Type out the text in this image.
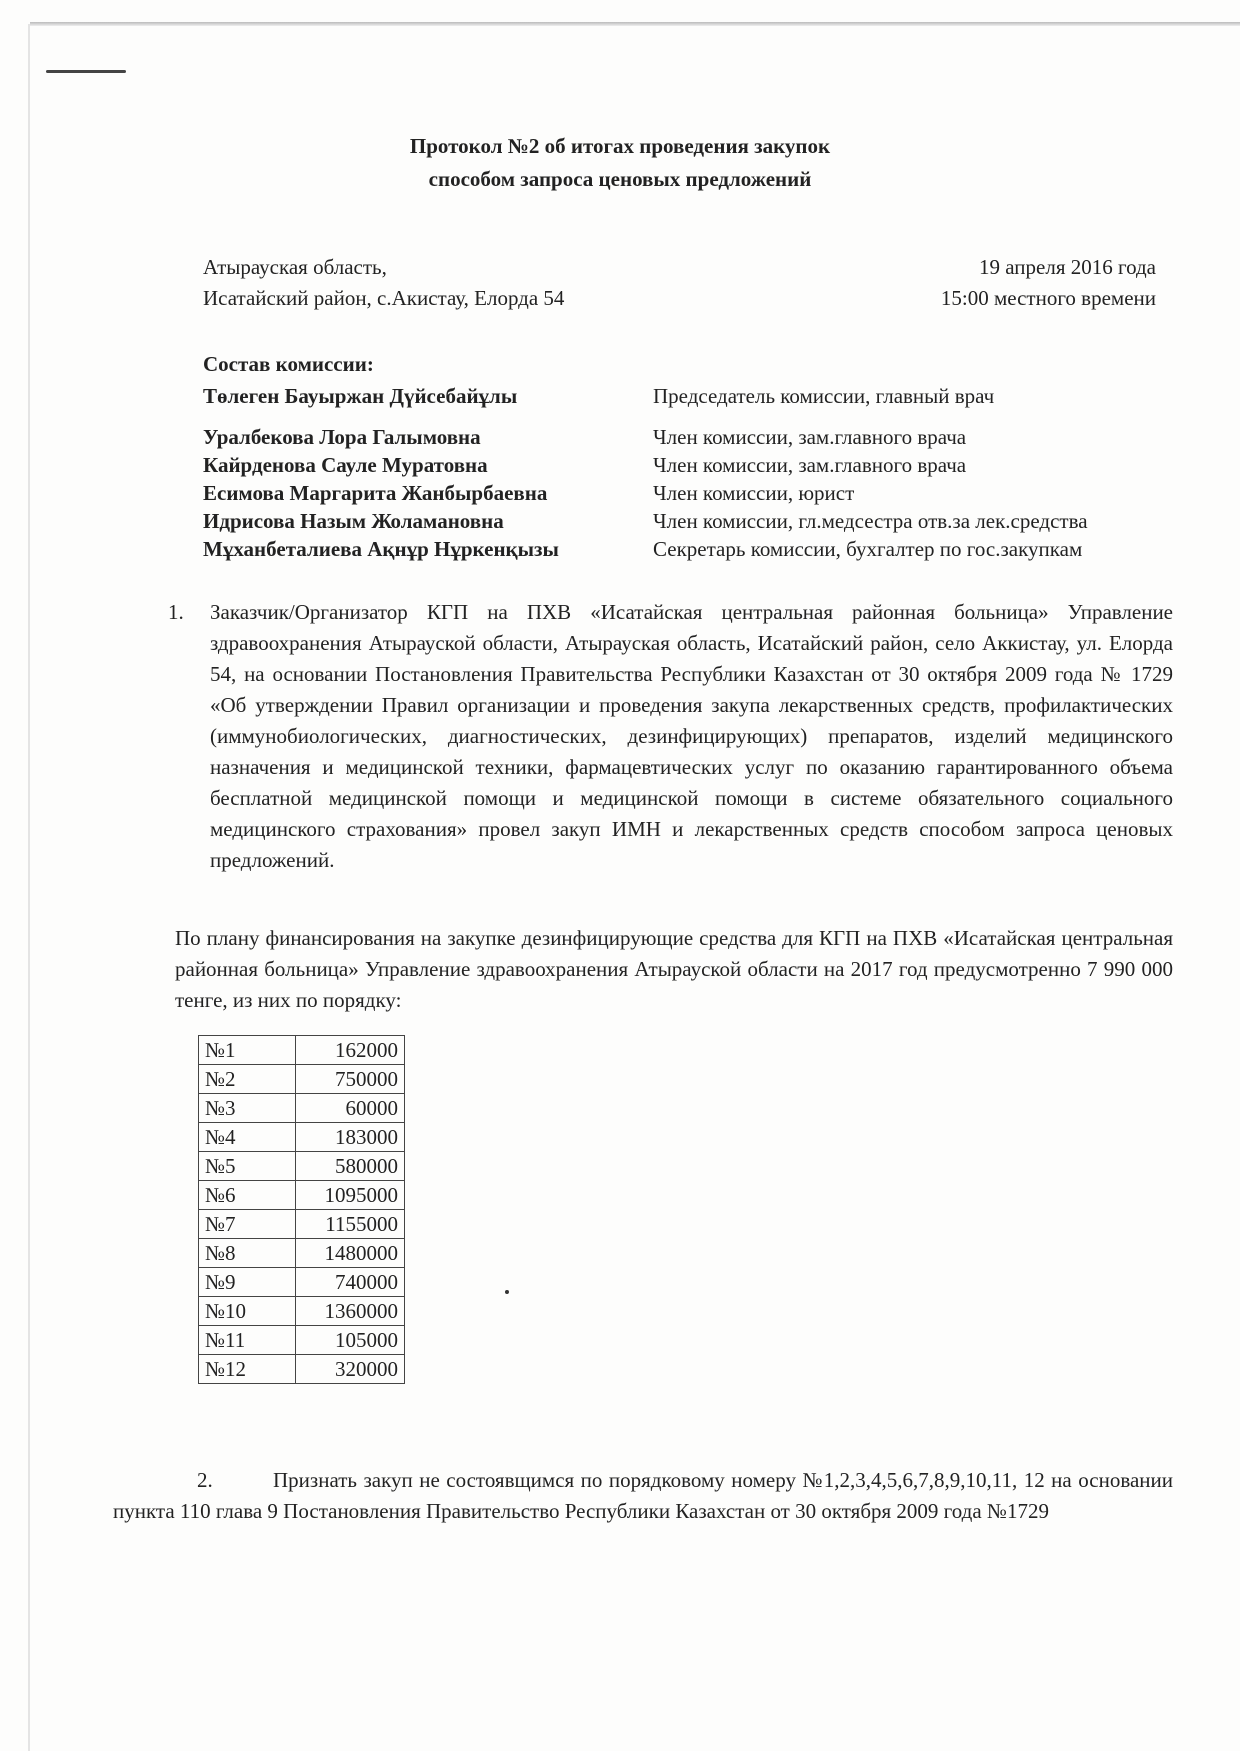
Протокол №2 об итогах проведения закупок
способом запроса ценовых предложений
Атырауская область,
Исатайский район, с.Акистау, Елорда 54
19 апреля 2016 года
15:00 местного времени
Состав комиссии:
Төлеген Бауыржан Дүйсебайұлы	Председатель комиссии, главный врач
Уралбекова Лора Галымовна	Член комиссии, зам.главного врача
Кайрденова Сауле Муратовна	Член комиссии, зам.главного врача
Есимова Маргарита Жанбырбаевна	Член комиссии, юрист
Идрисова Назым Жоламановна	Член комиссии, гл.медсестра отв.за лек.средства
Мұханбеталиева Ақнұр Нұркенқызы	Секретарь комиссии, бухгалтер по гос.закупкам
1. Заказчик/Организатор КГП на ПХВ «Исатайская центральная районная больница» Управление здравоохранения Атырауской области, Атырауская область, Исатайский район, село Аккистау, ул. Елорда 54, на основании Постановления Правительства Республики Казахстан от 30 октября 2009 года № 1729 «Об утверждении Правил организации и проведения закупа лекарственных средств, профилактических (иммунобиологических, диагностических, дезинфицирующих) препаратов, изделий медицинского назначения и медицинской техники, фармацевтических услуг по оказанию гарантированного объема бесплатной медицинской помощи и медицинской помощи в системе обязательного социального медицинского страхования» провел закуп ИМН и лекарственных средств способом запроса ценовых предложений.
По плану финансирования на закупке дезинфицирующие средства для КГП на ПХВ «Исатайская центральная районная больница» Управление здравоохранения Атырауской области на 2017 год предусмотренно 7 990 000 тенге, из них по порядку:
№1	162000
№2	750000
№3	60000
№4	183000
№5	580000
№6	1095000
№7	1155000
№8	1480000
№9	740000
№10	1360000
№11	105000
№12	320000
2.	Признать закуп не состоявщимся по порядковому номеру №1,2,3,4,5,6,7,8,9,10,11, 12 на основании пункта 110 глава 9 Постановления Правительство Республики Казахстан от 30 октября 2009 года №1729
